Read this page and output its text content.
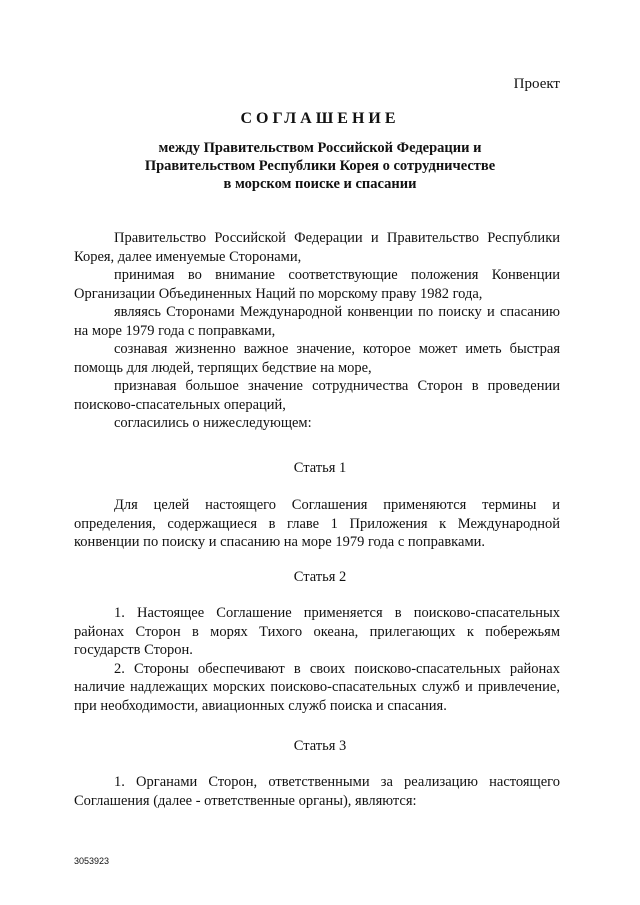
Проект
СОГЛАШЕНИЕ
между Правительством Российской Федерации и
Правительством Республики Корея о сотрудничестве
в морском поиске и спасании

Правительство Российской Федерации и Правительство Республики Корея, далее именуемые Сторонами,

принимая во внимание соответствующие положения Конвенции Организации Объединенных Наций по морскому праву 1982 года,

являясь Сторонами Международной конвенции по поиску и спасанию на море 1979 года с поправками,

сознавая жизненно важное значение, которое может иметь быстрая помощь для людей, терпящих бедствие на море,

признавая большое значение сотрудничества Сторон в проведении поисково-спасательных операций,

согласились о нижеследующем:

Статья 1

Для целей настоящего Соглашения применяются термины и определения, содержащиеся в главе 1 Приложения к Международной конвенции по поиску и спасанию на море 1979 года с поправками.

Статья 2

1. Настоящее Соглашение применяется в поисково-спасательных районах Сторон в морях Тихого океана, прилегающих к побережьям государств Сторон.

2. Стороны обеспечивают в своих поисково-спасательных районах наличие надлежащих морских поисково-спасательных служб и привлечение, при необходимости, авиационных служб поиска и спасания.

Статья 3

1. Органами Сторон, ответственными за реализацию настоящего Соглашения (далее - ответственные органы), являются:

3053923
